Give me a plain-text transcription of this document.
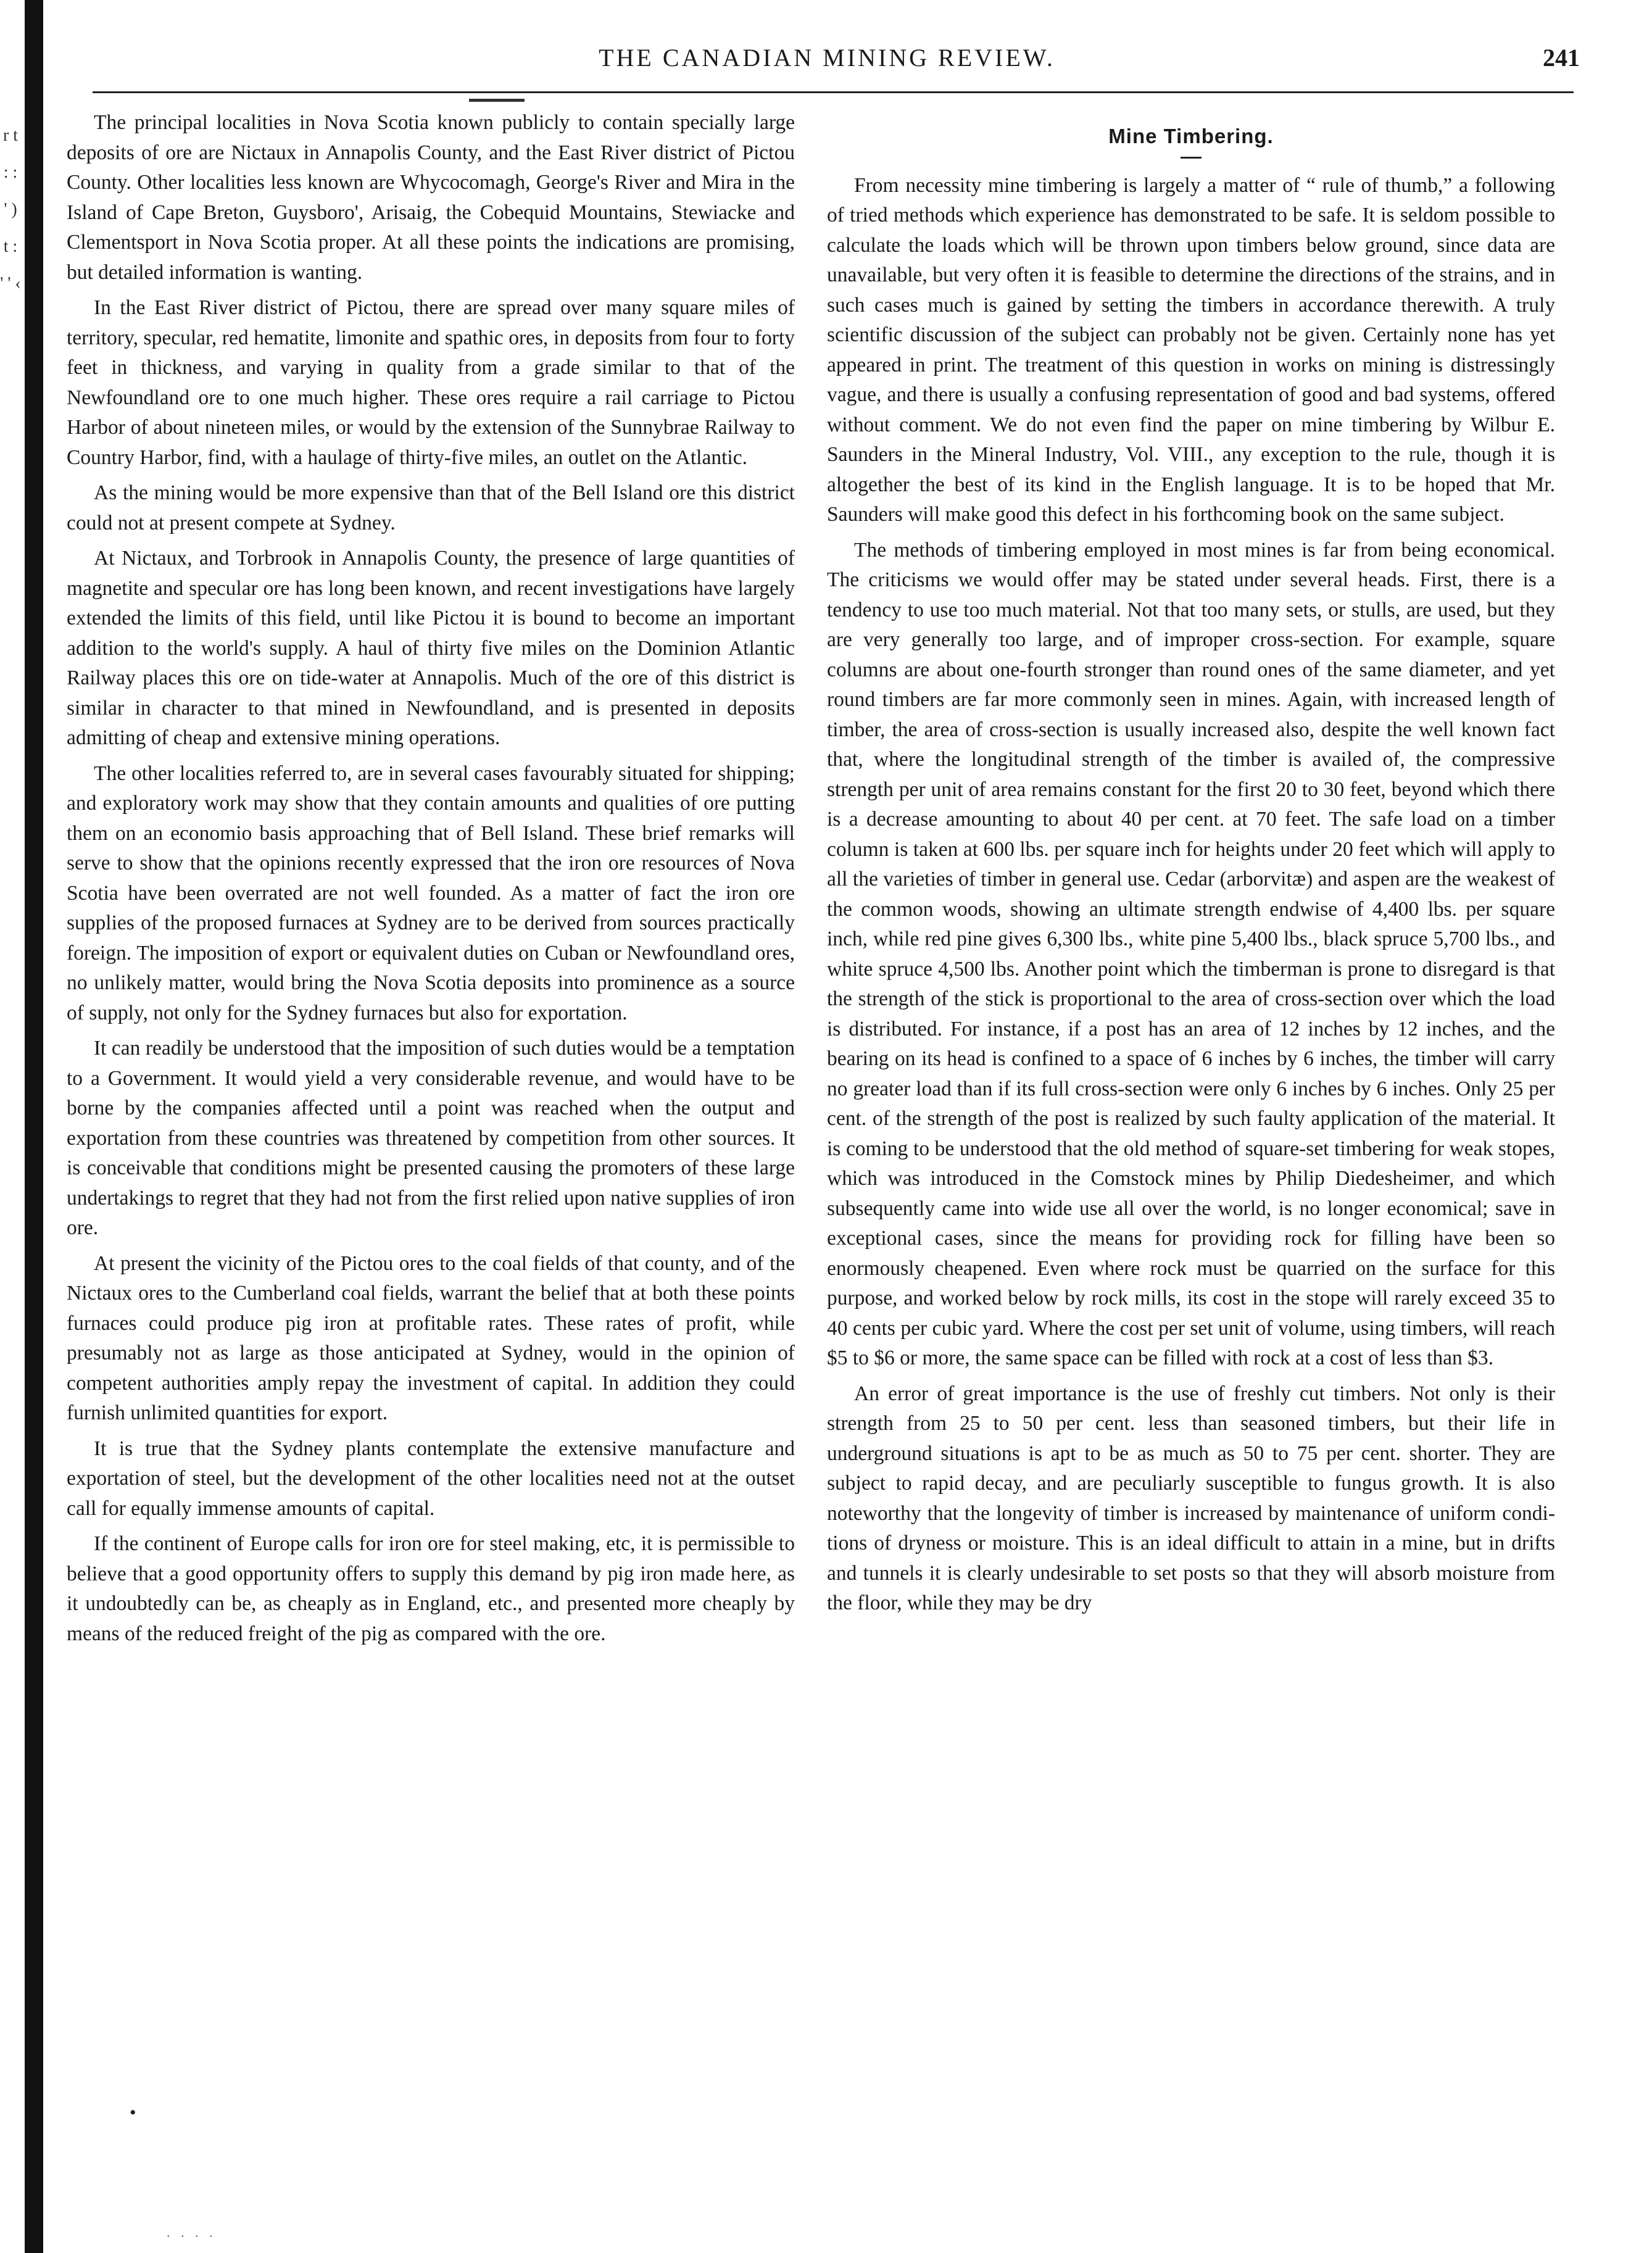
r t : : ' ) t : ' ' ‹
THE CANADIAN MINING REVIEW.	241

The principal localities in Nova Scotia known publicly to contain specially large deposits of ore are Nictaux in Annapolis County, and the East River district of Pictou County. Other localities less known are Whycocomagh, George's River and Mira in the Island of Cape Breton, Guysboro', Arisaig, the Cobequid Mountains, Stewiacke and Clementsport in Nova Scotia proper. At all these points the indications are promising, but detailed information is wanting.

In the East River district of Pictou, there are spread over many square miles of territory, specular, red hematite, limonite and spathic ores, in deposits from four to forty feet in thickness, and varying in quality from a grade similar to that of the Newfoundland ore to one much higher. These ores require a rail carriage to Pictou Harbor of about nineteen miles, or would by the extension of the Sunnybrae Railway to Country Harbor, find, with a haulage of thirty-five miles, an outlet on the Atlantic.

As the mining would be more expensive than that of the Bell Island ore this district could not at present compete at Sydney.

At Nictaux, and Torbrook in Annapolis County, the presence of large quantities of magnetite and specular ore has long been known, and recent investigations have largely extended the limits of this field, until like Pictou it is bound to become an important addition to the world's supply. A haul of thirty five miles on the Dominion Atlantic Railway places this ore on tide-water at Annapolis. Much of the ore of this district is similar in character to that mined in Newfoundland, and is presented in deposits admitting of cheap and extensive mining operations.

The other localities referred to, are in several cases favourably situated for shipping; and exploratory work may show that they contain amounts and qualities of ore putting them on an economio basis approaching that of Bell Island. These brief remarks will serve to show that the opinions recently expressed that the iron ore resources of Nova Scotia have been overrated are not well founded. As a matter of fact the iron ore supplies of the proposed furnaces at Sydney are to be derived from sources practically foreign. The imposition of export or equivalent duties on Cuban or Newfoundland ores, no unlikely matter, would bring the Nova Scotia deposits into prominence as a source of supply, not only for the Sydney furnaces but also for exportation.

It can readily be understood that the imposition of such duties would be a temptation to a Government. It would yield a very considerable revenue, and would have to be borne by the companies affected until a point was reached when the output and exportation from these countries was threatened by competition from other sources. It is conceivable that conditions might be presented causing the promoters of these large undertakings to regret that they had not from the first relied upon native supplies of iron ore.

At present the vicinity of the Pictou ores to the coal fields of that county, and of the Nictaux ores to the Cumberland coal fields, warrant the belief that at both these points furnaces could produce pig iron at profitable rates. These rates of profit, while presumably not as large as those anticipated at Sydney, would in the opinion of competent authorities amply repay the investment of capital. In addition they could furnish unlimited quantities for export.

It is true that the Sydney plants contemplate the extensive manufacture and exportation of steel, but the development of the other localities need not at the outset call for equally immense amounts of capital.

If the continent of Europe calls for iron ore for steel making, etc, it is permissible to believe that a good opportunity offers to supply this demand by pig iron made here, as it undoubtedly can be, as cheaply as in England, etc., and presented more cheaply by means of the reduced freight of the pig as compared with the ore.

Mine Timbering.

From necessity mine timbering is largely a matter of “ rule of thumb,” a following of tried methods which experience has demonstrated to be safe. It is seldom possible to calculate the loads which will be thrown upon timbers below ground, since data are unavailable, but very often it is feasible to determine the directions of the strains, and in such cases much is gained by setting the timbers in accordance therewith. A truly scientific discussion of the subject can probably not be given. Certainly none has yet appeared in print. The treatment of this question in works on mining is distressingly vague, and there is usually a confusing representation of good and bad systems, offered without comment. We do not even find the paper on mine timbering by Wilbur E. Saunders in the Mineral Industry, Vol. VIII., any exception to the rule, though it is altogether the best of its kind in the English language. It is to be hoped that Mr. Saunders will make good this defect in his forthcoming book on the same subject.

The methods of timbering employed in most mines is far from being economical. The criticisms we would offer may be stated under several heads. First, there is a tendency to use too much material. Not that too many sets, or stulls, are used, but they are very generally too large, and of improper cross-section. For example, square columns are about one-fourth stronger than round ones of the same diameter, and yet round timbers are far more commonly seen in mines. Again, with increased length of timber, the area of cross-section is usually increased also, despite the well known fact that, where the longitudinal strength of the timber is availed of, the compressive strength per unit of area remains constant for the first 20 to 30 feet, beyond which there is a decrease amounting to about 40 per cent. at 70 feet. The safe load on a timber column is taken at 600 lbs. per square inch for heights under 20 feet which will apply to all the varieties of timber in general use. Cedar (arborvitæ) and aspen are the weakest of the common woods, showing an ultimate strength endwise of 4,400 lbs. per square inch, while red pine gives 6,300 lbs., white pine 5,400 lbs., black spruce 5,700 lbs., and white spruce 4,500 lbs. Another point which the timberman is prone to disregard is that the strength of the stick is proportional to the area of cross-section over which the load is distributed. For instance, if a post has an area of 12 inches by 12 inches, and the bearing on its head is confined to a space of 6 inches by 6 inches, the timber will carry no greater load than if its full cross-section were only 6 inches by 6 inches. Only 25 per cent. of the strength of the post is realized by such faulty application of the material. It is coming to be understood that the old method of square-set timbering for weak stopes, which was introduced in the Comstock mines by Philip Diedesheimer, and which subsequently came into wide use all over the world, is no longer economical; save in exceptional cases, since the means for providing rock for filling have been so enormously cheapened. Even where rock must be quarried on the surface for this purpose, and worked below by rock mills, its cost in the stope will rarely exceed 35 to 40 cents per cubic yard. Where the cost per set unit of volume, using timbers, will reach $5 to $6 or more, the same space can be filled with rock at a cost of less than $3.

An error of great importance is the use of freshly cut timbers. Not only is their strength from 25 to 50 per cent. less than seasoned timbers, but their life in underground situations is apt to be as much as 50 to 75 per cent. shorter. They are subject to rapid decay, and are peculiarly susceptible to fungus growth. It is also noteworthy that the longevity of timber is increased by maintenance of uniform conditions of dryness or moisture. This is an ideal difficult to attain in a mine, but in drifts and tunnels it is clearly undesirable to set posts so that they will absorb moisture from the floor, while they may be dry

•
. . . .
